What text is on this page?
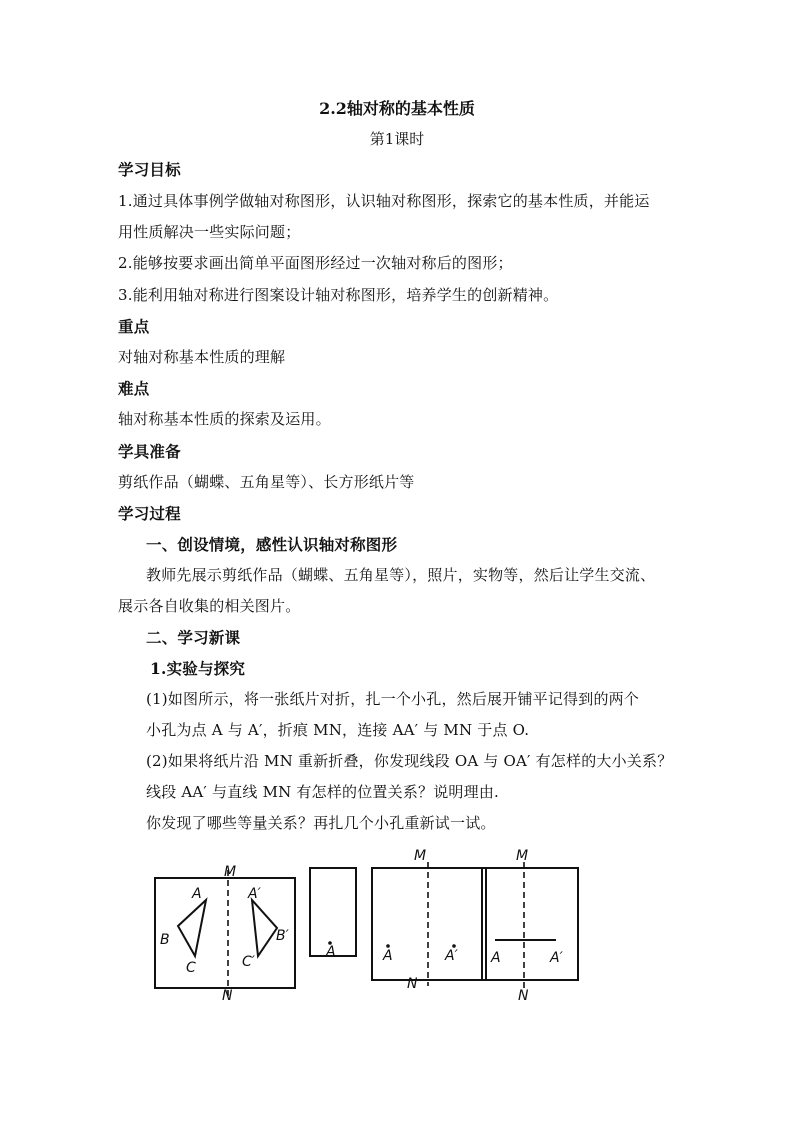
2.2轴对称的基本性质
第1课时
学习目标
1.通过具体事例学做轴对称图形，认识轴对称图形，探索它的基本性质，并能运
用性质解决一些实际问题；
2.能够按要求画出简单平面图形经过一次轴对称后的图形；
3.能利用轴对称进行图案设计轴对称图形，培养学生的创新精神。
重点
对轴对称基本性质的理解
难点
轴对称基本性质的探索及运用。
学具准备
剪纸作品（蝴蝶、五角星等）、长方形纸片等
学习过程
一、创设情境，感性认识轴对称图形
教师先展示剪纸作品（蝴蝶、五角星等），照片，实物等，然后让学生交流、
展示各自收集的相关图片。
二、学习新课
1.实验与探究
(1)如图所示，将一张纸片对折，扎一个小孔，然后展开铺平记得到的两个
小孔为点 A 与 A′，折痕 MN，连接 AA′ 与 MN 于点 O.
(2)如果将纸片沿 MN 重新折叠，你发现线段 OA 与 OA′ 有怎样的大小关系？
线段 AA′ 与直线 MN 有怎样的位置关系？说明理由.
你发现了哪些等量关系？再扎几个小孔重新试一试。
M
N
A
B
C
A′
B′
C′
A
M
N
A	A′
M
N
A	A′
